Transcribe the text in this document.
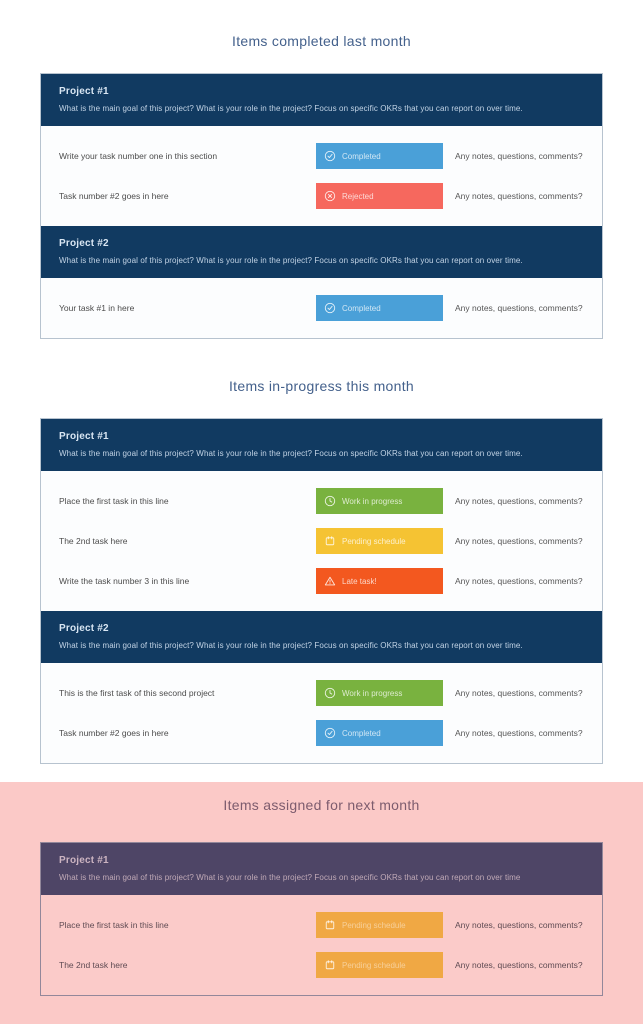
Items completed last month
Project #1
What is the main goal of this project? What is your role in the project? Focus on specific OKRs that you can report on over time.
Write your task number one in this section	Completed	Any notes, questions, comments?
Task number #2 goes in here	Rejected	Any notes, questions, comments?
Project #2
What is the main goal of this project? What is your role in the project? Focus on specific OKRs that you can report on over time.
Your task #1 in here	Completed	Any notes, questions, comments?
Items in-progress this month
Project #1
What is the main goal of this project? What is your role in the project? Focus on specific OKRs that you can report on over time.
Place the first task in this line	Work in progress	Any notes, questions, comments?
The 2nd task here	Pending schedule	Any notes, questions, comments?
Write the task number 3 in this line	Late task!	Any notes, questions, comments?
Project #2
What is the main goal of this project? What is your role in the project? Focus on specific OKRs that you can report on over time.
This is the first task of this second project	Work in progress	Any notes, questions, comments?
Task number #2 goes in here	Completed	Any notes, questions, comments?
Items assigned for next month
Project #1
What is the main goal of this project? What is your role in the project? Focus on specific OKRs that you can report on over time
Place the first task in this line	Pending schedule	Any notes, questions, comments?
The 2nd task here	Pending schedule	Any notes, questions, comments?
